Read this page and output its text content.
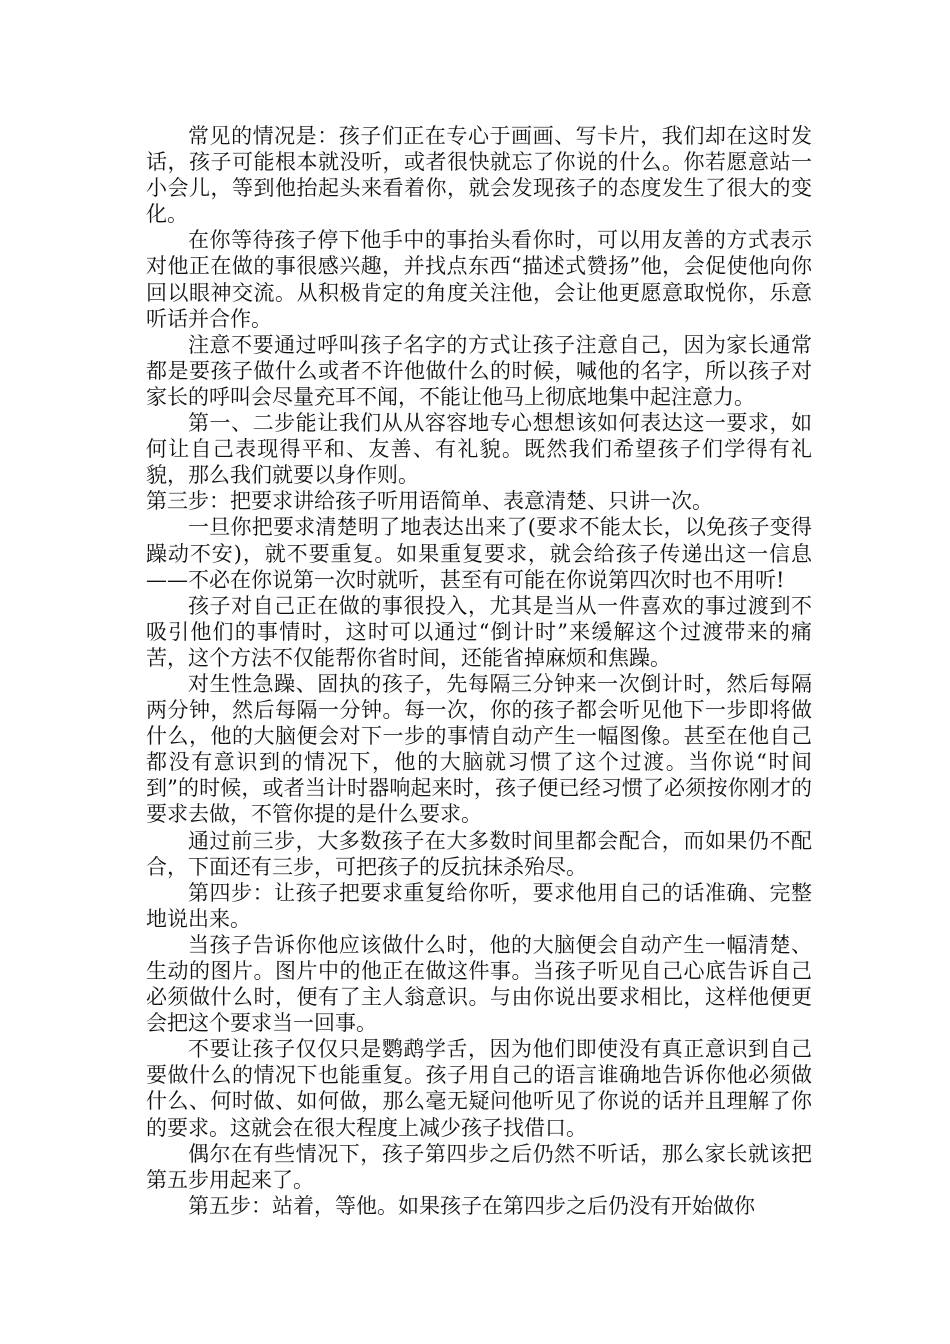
常见的情况是：孩子们正在专心于画画、写卡片，我们却在这时发话，孩子可能根本就没听，或者很快就忘了你说的什么。你若愿意站一小会儿，等到他抬起头来看着你，就会发现孩子的态度发生了很大的变化。

在你等待孩子停下他手中的事抬头看你时，可以用友善的方式表示对他正在做的事很感兴趣，并找点东西“描述式赞扬”他，会促使他向你回以眼神交流。从积极肯定的角度关注他，会让他更愿意取悦你，乐意听话并合作。

注意不要通过呼叫孩子名字的方式让孩子注意自己，因为家长通常都是要孩子做什么或者不许他做什么的时候，喊他的名字，所以孩子对家长的呼叫会尽量充耳不闻，不能让他马上彻底地集中起注意力。

第一、二步能让我们从从容容地专心想想该如何表达这一要求，如何让自己表现得平和、友善、有礼貌。既然我们希望孩子们学得有礼貌，那么我们就要以身作则。

第三步：把要求讲给孩子听用语简单、表意清楚、只讲一次。

一旦你把要求清楚明了地表达出来了(要求不能太长，以免孩子变得躁动不安)，就不要重复。如果重复要求，就会给孩子传递出这一信息——不必在你说第一次时就听，甚至有可能在你说第四次时也不用听!

孩子对自己正在做的事很投入，尤其是当从一件喜欢的事过渡到不吸引他们的事情时，这时可以通过“倒计时”来缓解这个过渡带来的痛苦，这个方法不仅能帮你省时间，还能省掉麻烦和焦躁。

对生性急躁、固执的孩子，先每隔三分钟来一次倒计时，然后每隔两分钟，然后每隔一分钟。每一次，你的孩子都会听见他下一步即将做什么，他的大脑便会对下一步的事情自动产生一幅图像。甚至在他自己都没有意识到的情况下，他的大脑就习惯了这个过渡。当你说“时间到”的时候，或者当计时器响起来时，孩子便已经习惯了必须按你刚才的要求去做，不管你提的是什么要求。

通过前三步，大多数孩子在大多数时间里都会配合，而如果仍不配合，下面还有三步，可把孩子的反抗抹杀殆尽。

第四步：让孩子把要求重复给你听，要求他用自己的话准确、完整地说出来。

当孩子告诉你他应该做什么时，他的大脑便会自动产生一幅清楚、生动的图片。图片中的他正在做这件事。当孩子听见自己心底告诉自己必须做什么时，便有了主人翁意识。与由你说出要求相比，这样他便更会把这个要求当一回事。

不要让孩子仅仅只是鹦鹉学舌，因为他们即使没有真正意识到自己要做什么的情况下也能重复。孩子用自己的语言谁确地告诉你他必须做什么、何时做、如何做，那么毫无疑问他听见了你说的话并且理解了你的要求。这就会在很大程度上减少孩子找借口。

偶尔在有些情况下，孩子第四步之后仍然不听话，那么家长就该把第五步用起来了。

第五步：站着，等他。如果孩子在第四步之后仍没有开始做你
